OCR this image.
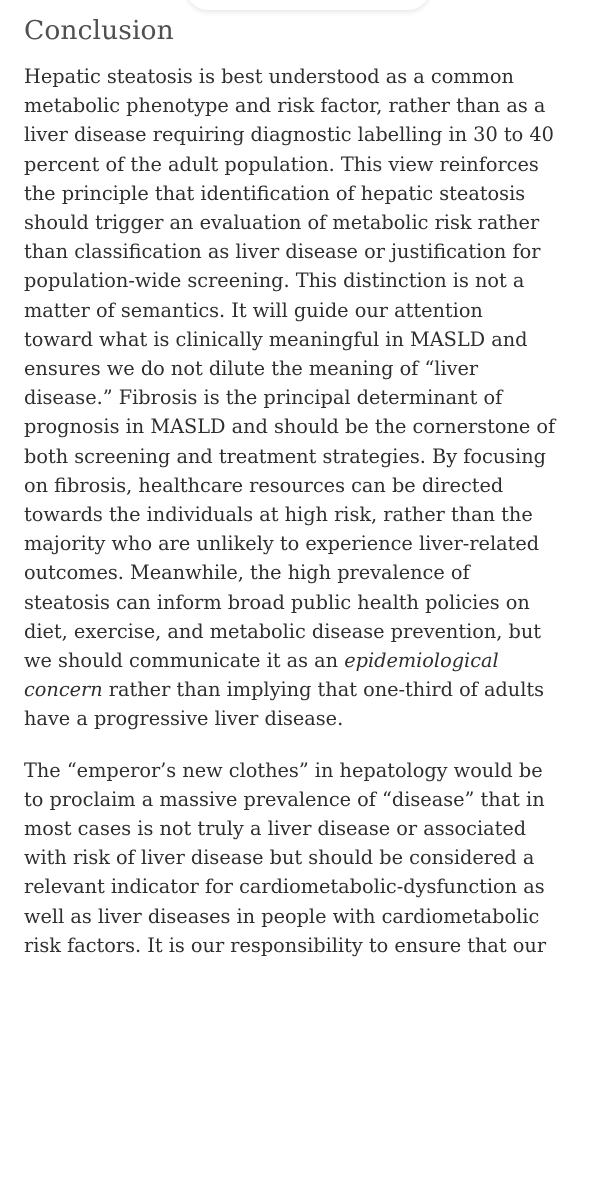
Conclusion

Hepatic steatosis is best understood as a common
metabolic phenotype and risk factor, rather than as a
liver disease requiring diagnostic labelling in 30 to 40
percent of the adult population. This view reinforces
the principle that identification of hepatic steatosis
should trigger an evaluation of metabolic risk rather
than classification as liver disease or justification for
population-wide screening. This distinction is not a
matter of semantics. It will guide our attention
toward what is clinically meaningful in MASLD and
ensures we do not dilute the meaning of “liver
disease.” Fibrosis is the principal determinant of
prognosis in MASLD and should be the cornerstone of
both screening and treatment strategies. By focusing
on fibrosis, healthcare resources can be directed
towards the individuals at high risk, rather than the
majority who are unlikely to experience liver-related
outcomes. Meanwhile, the high prevalence of
steatosis can inform broad public health policies on
diet, exercise, and metabolic disease prevention, but
we should communicate it as an epidemiological
concern rather than implying that one-third of adults
have a progressive liver disease.

The “emperor’s new clothes” in hepatology would be
to proclaim a massive prevalence of “disease” that in
most cases is not truly a liver disease or associated
with risk of liver disease but should be considered a
relevant indicator for cardiometabolic-dysfunction as
well as liver diseases in people with cardiometabolic
risk factors. It is our responsibility to ensure that our
